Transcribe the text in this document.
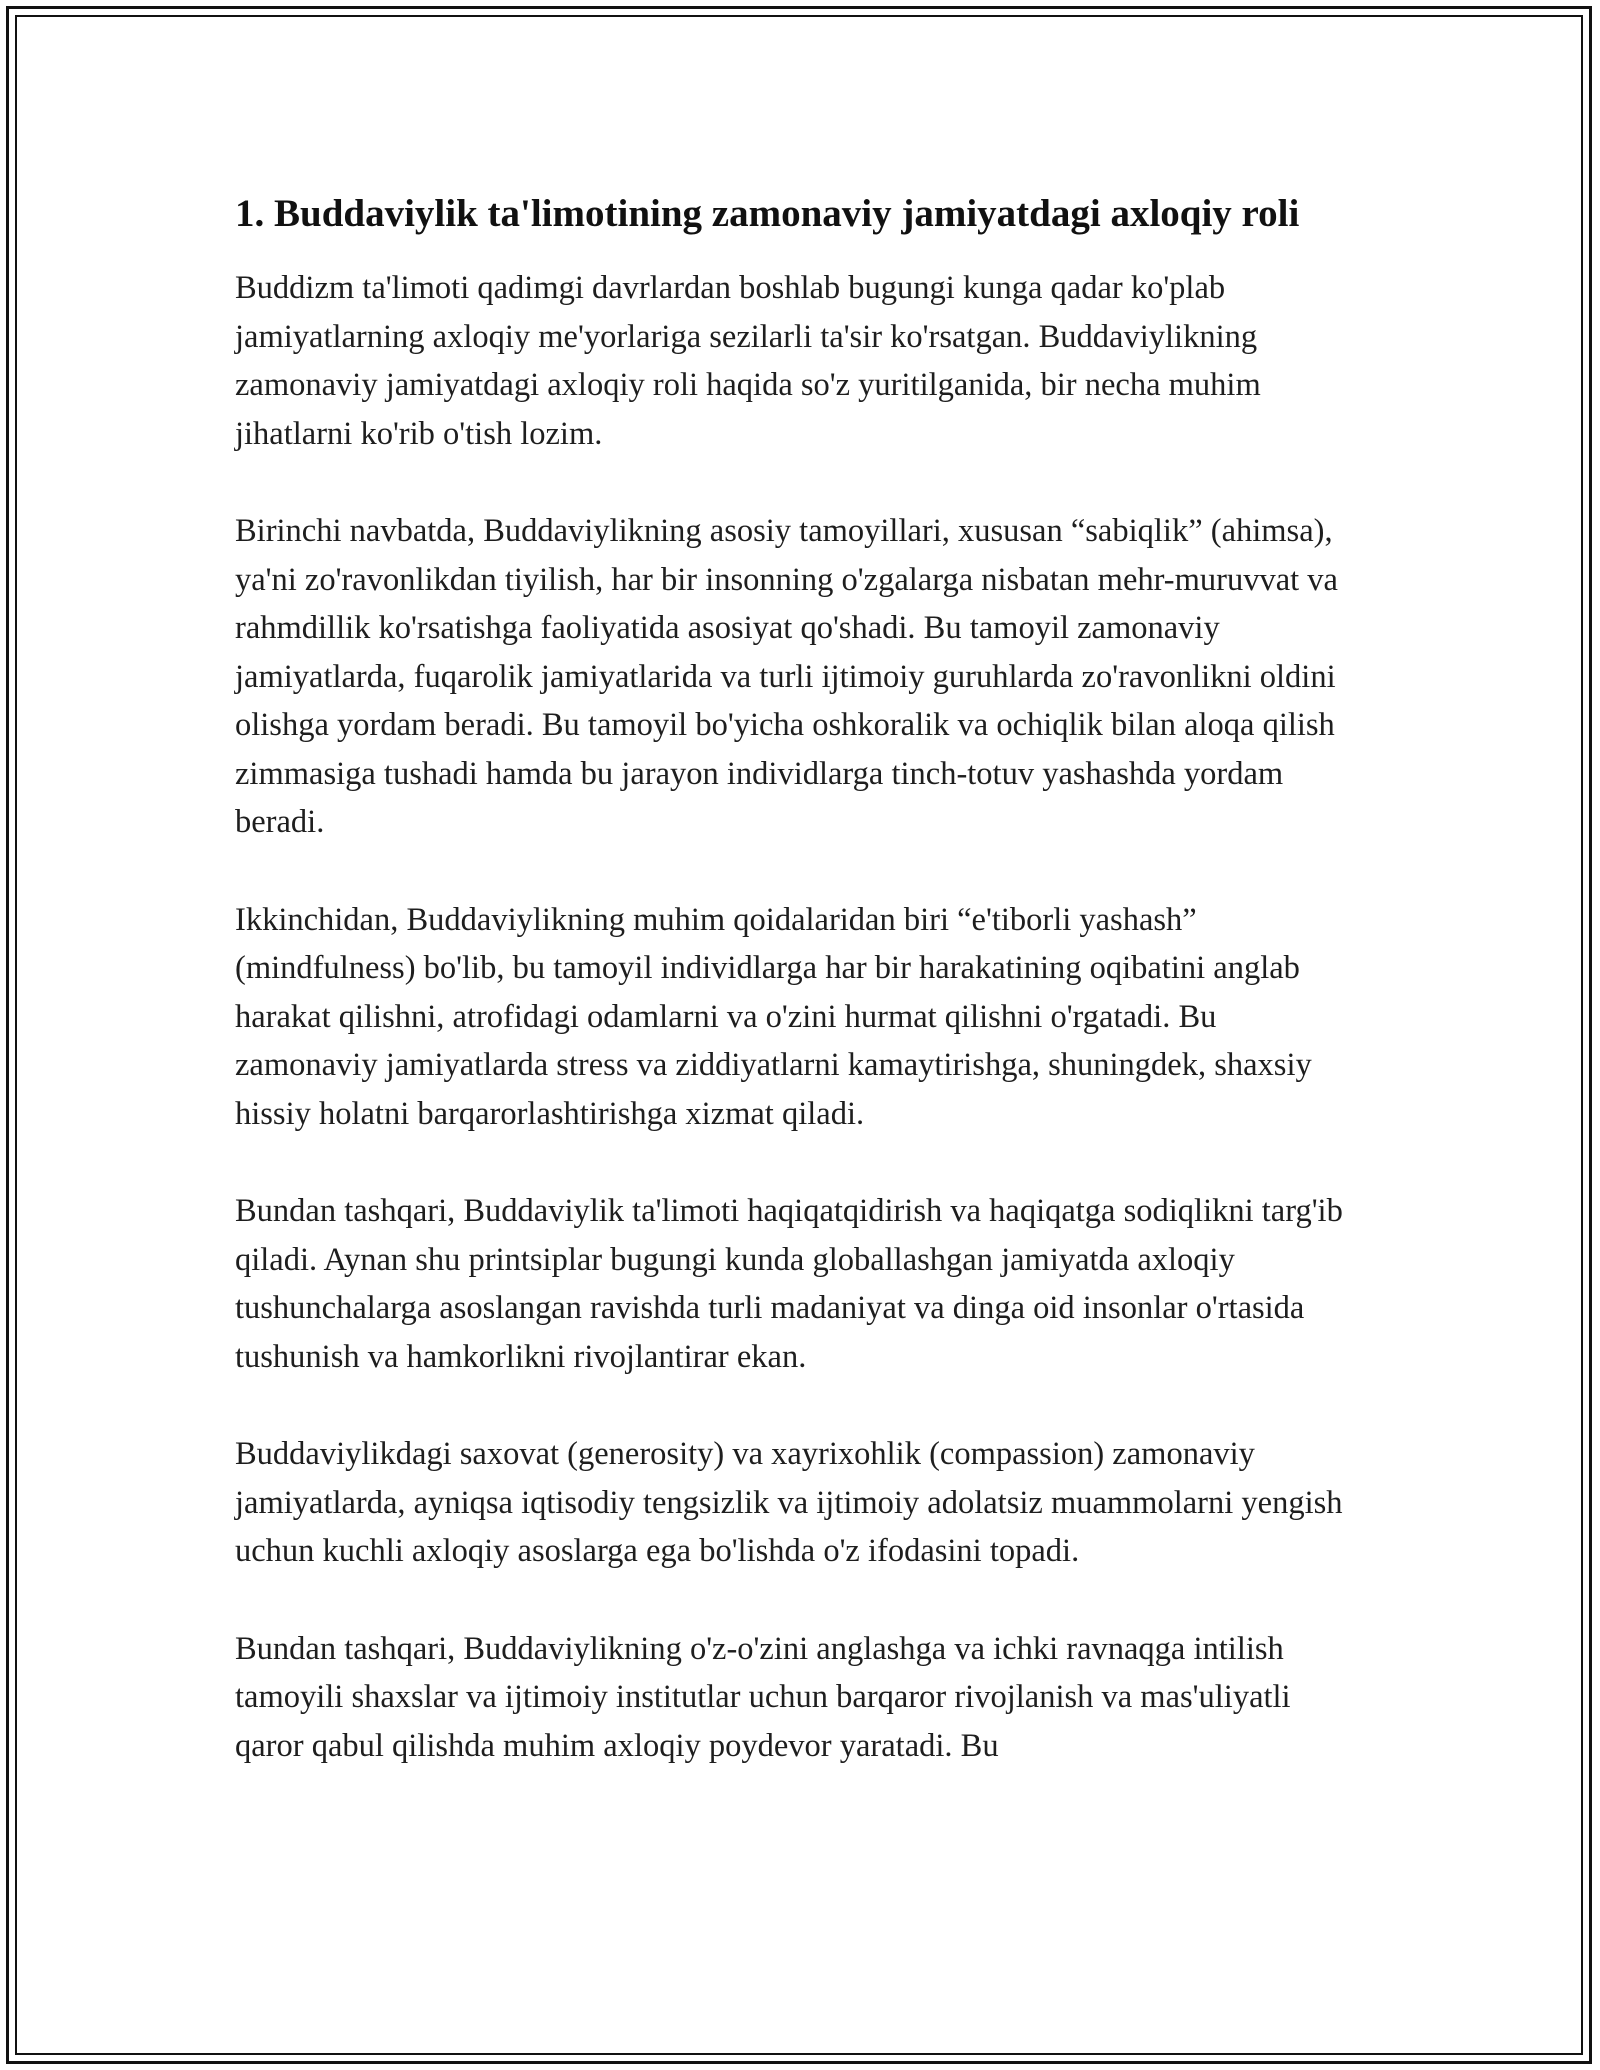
1. Buddaviylik ta'limotining zamonaviy jamiyatdagi axloqiy roli

Buddizm ta'limoti qadimgi davrlardan boshlab bugungi kunga qadar ko'plab jamiyatlarning axloqiy me'yorlariga sezilarli ta'sir ko'rsatgan. Buddaviylikning zamonaviy jamiyatdagi axloqiy roli haqida so'z yuritilganida, bir necha muhim jihatlarni ko'rib o'tish lozim.

Birinchi navbatda, Buddaviylikning asosiy tamoyillari, xususan “sabiqlik” (ahimsa), ya'ni zo'ravonlikdan tiyilish, har bir insonning o'zgalarga nisbatan mehr-muruvvat va rahmdillik ko'rsatishga faoliyatida asosiyat qo'shadi. Bu tamoyil zamonaviy jamiyatlarda, fuqarolik jamiyatlarida va turli ijtimoiy guruhlarda zo'ravonlikni oldini olishga yordam beradi. Bu tamoyil bo'yicha oshkoralik va ochiqlik bilan aloqa qilish zimmasiga tushadi hamda bu jarayon individlarga tinch-totuv yashashda yordam beradi.

Ikkinchidan, Buddaviylikning muhim qoidalaridan biri “e'tiborli yashash” (mindfulness) bo'lib, bu tamoyil individlarga har bir harakatining oqibatini anglab harakat qilishni, atrofidagi odamlarni va o'zini hurmat qilishni o'rgatadi. Bu zamonaviy jamiyatlarda stress va ziddiyatlarni kamaytirishga, shuningdek, shaxsiy hissiy holatni barqarorlashtirishga xizmat qiladi.

Bundan tashqari, Buddaviylik ta'limoti haqiqatqidirish va haqiqatga sodiqlikni targ'ib qiladi. Aynan shu printsiplar bugungi kunda globallashgan jamiyatda axloqiy tushunchalarga asoslangan ravishda turli madaniyat va dinga oid insonlar o'rtasida tushunish va hamkorlikni rivojlantirar ekan.

Buddaviylikdagi saxovat (generosity) va xayrixohlik (compassion) zamonaviy jamiyatlarda, ayniqsa iqtisodiy tengsizlik va ijtimoiy adolatsiz muammolarni yengish uchun kuchli axloqiy asoslarga ega bo'lishda o'z ifodasini topadi.

Bundan tashqari, Buddaviylikning o'z-o'zini anglashga va ichki ravnaqga intilish tamoyili shaxslar va ijtimoiy institutlar uchun barqaror rivojlanish va mas'uliyatli qaror qabul qilishda muhim axloqiy poydevor yaratadi. Bu
